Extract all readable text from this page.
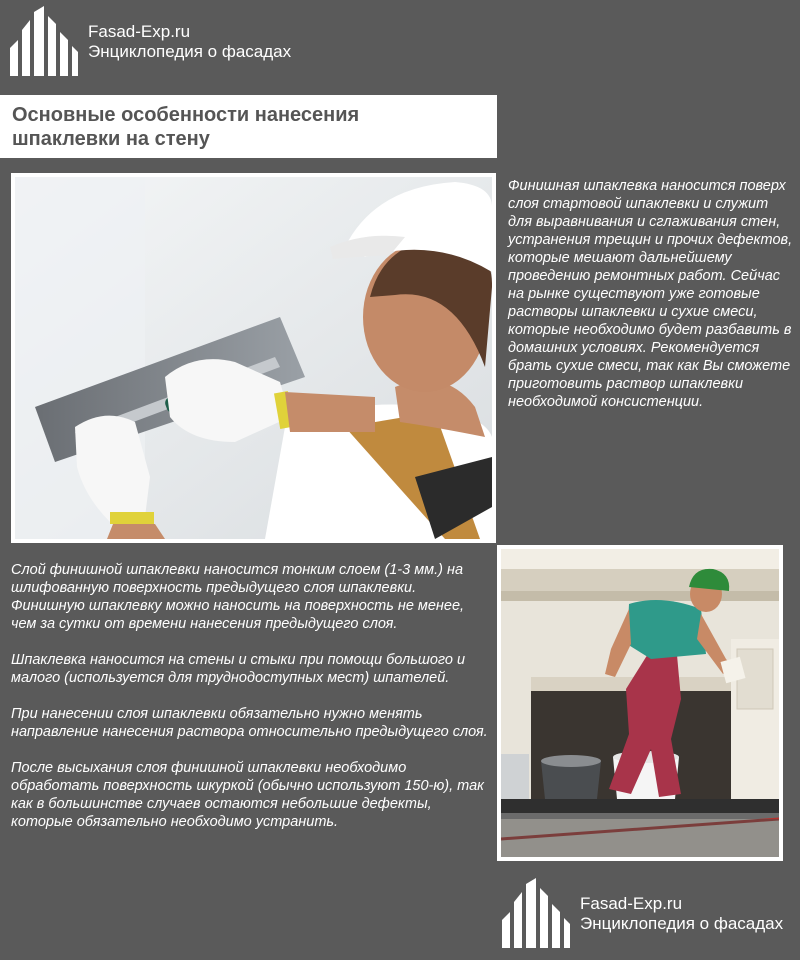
Fasad-Exp.ru
Энциклопедия о фасадах
Основные особенности нанесения
шпаклевки на стену

Финишная шпаклевка наносится поверх слоя стартовой шпаклевки и служит для выравнивания и сглаживания стен, устранения трещин и прочих дефектов, которые мешают дальнейшему проведению ремонтных работ. Сейчас на рынке существуют уже готовые растворы шпаклевки и сухие смеси, которые необходимо будет разбавить в домашних условиях. Рекомендуется брать сухие смеси, так как Вы сможете приготовить раствор шпаклевки необходимой консистенции.

Слой финишной шпаклевки наносится тонким слоем (1-3 мм.) на шлифованную поверхность предыдущего слоя шпаклевки. Финишную шпаклевку можно наносить на поверхность не менее, чем за сутки от времени нанесения предыдущего слоя.

Шпаклевка наносится на стены и стыки при помощи большого и малого (используется для труднодоступных мест) шпателей.

При нанесении слоя шпаклевки обязательно нужно менять направление нанесения раствора относительно предыдущего слоя.

После высыхания слоя финишной шпаклевки необходимо обработать поверхность шкуркой (обычно используют 150-ю), так как в большинстве случаев остаются небольшие дефекты, которые обязательно необходимо устранить.

Fasad-Exp.ru
Энциклопедия о фасадах
